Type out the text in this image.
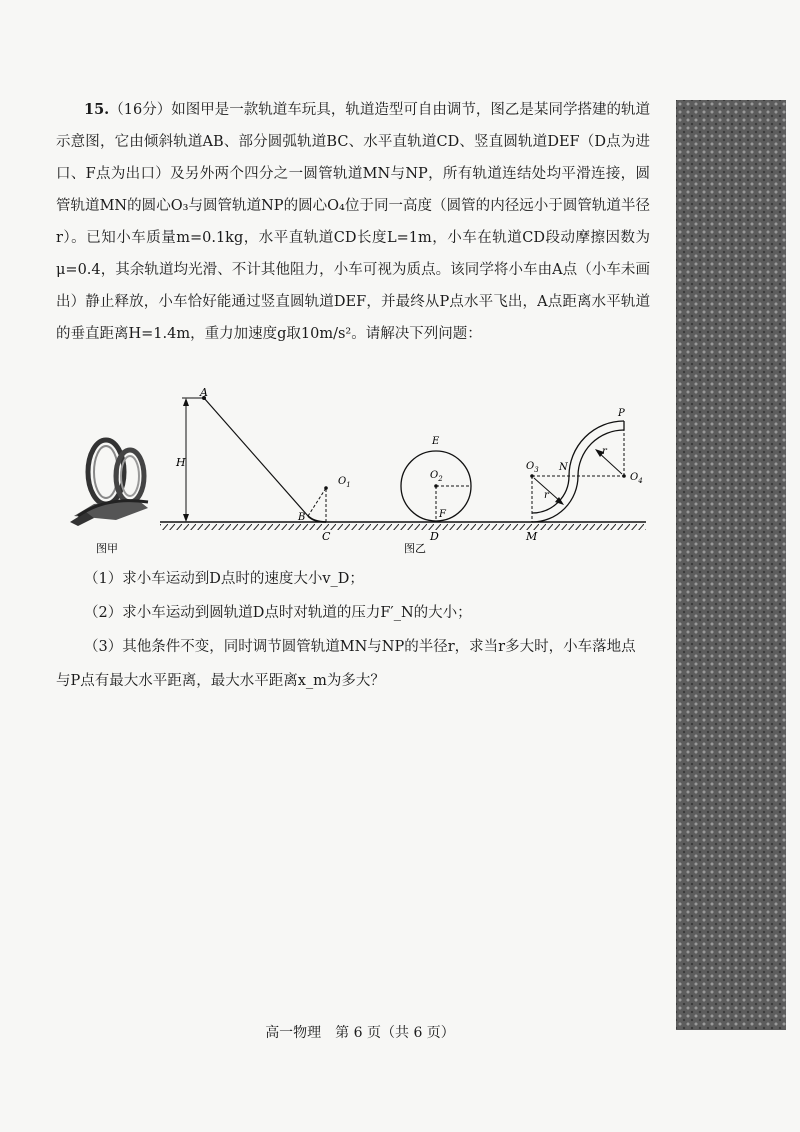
15.（16分）如图甲是一款轨道车玩具，轨道造型可自由调节，图乙是某同学搭建的轨道示意图，它由倾斜轨道AB、部分圆弧轨道BC、水平直轨道CD、竖直圆轨道DEF（D点为进口、F点为出口）及另外两个四分之一圆管轨道MN与NP，所有轨道连结处均平滑连接，圆管轨道MN的圆心O₃与圆管轨道NP的圆心O₄位于同一高度（圆管的内径远小于圆管轨道半径r）。已知小车质量m=0.1kg，水平直轨道CD长度L=1m，小车在轨道CD段动摩擦因数为μ=0.4，其余轨道均光滑、不计其他阻力，小车可视为质点。该同学将小车由A点（小车未画出）静止释放，小车恰好能通过竖直圆轨道DEF，并最终从P点水平飞出，A点距离水平轨道的垂直距离H=1.4m，重力加速度g取10m/s²。请解决下列问题：

图甲
H
A
B
C
$O_1$
E
$O_2$
F
D
$O_3$
$O_4$
N
P
M
r
r
图乙

（1）求小车运动到D点时的速度大小v_D；

（2）求小车运动到圆轨道D点时对轨道的压力F′_N的大小；

（3）其他条件不变，同时调节圆管轨道MN与NP的半径r，求当r多大时，小车落地点与P点有最大水平距离，最大水平距离x_m为多大？

高一物理　第 6 页（共 6 页）
